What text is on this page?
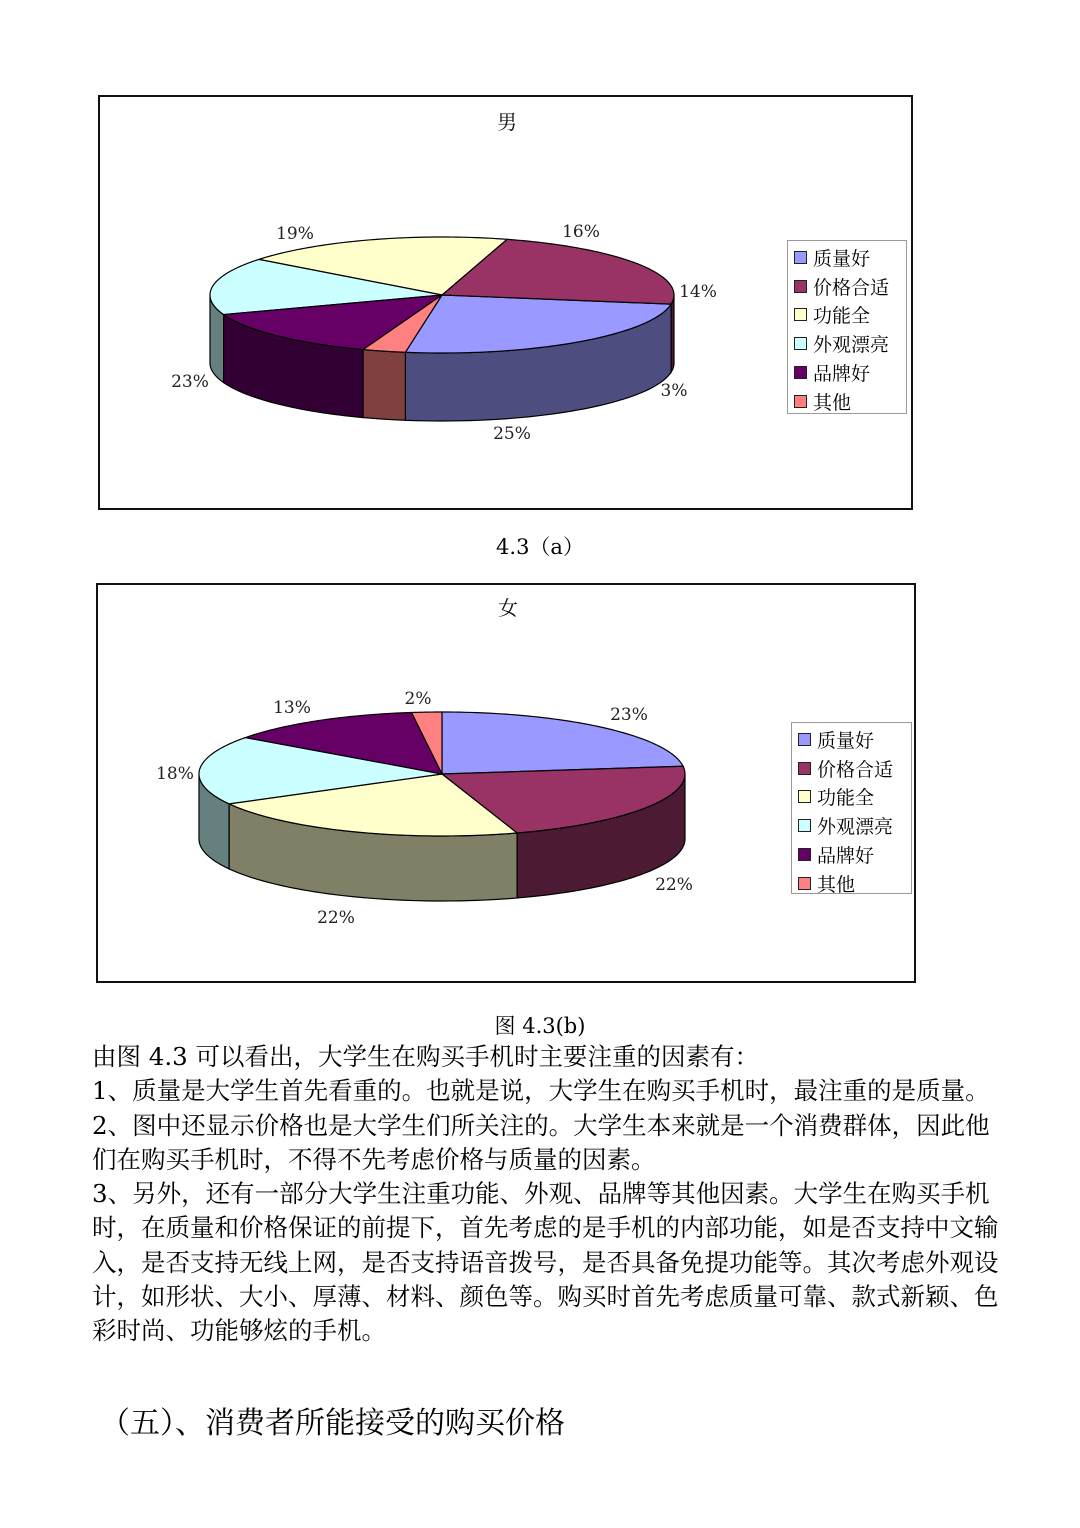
男
25%
23%
19%	16%
14%
3%
质量好
价格合适
功能全
外观漂亮
品牌好
其他
4.3（a）
女
23%
22%
22%
18%
13%	2%
质量好
价格合适
功能全
外观漂亮
品牌好
其他
图 4.3(b)

由图 4.3 可以看出，大学生在购买手机时主要注重的因素有：

1、质量是大学生首先看重的。也就是说，大学生在购买手机时，最注重的是质量。

2、图中还显示价格也是大学生们所关注的。大学生本来就是一个消费群体，因此他们在购买手机时，不得不先考虑价格与质量的因素。

3、另外，还有一部分大学生注重功能、外观、品牌等其他因素。大学生在购买手机时，在质量和价格保证的前提下，首先考虑的是手机的内部功能，如是否支持中文输入，是否支持无线上网，是否支持语音拨号，是否具备免提功能等。其次考虑外观设计，如形状、大小、厚薄、材料、颜色等。购买时首先考虑质量可靠、款式新颖、色彩时尚、功能够炫的手机。

（五）、消费者所能接受的购买价格
